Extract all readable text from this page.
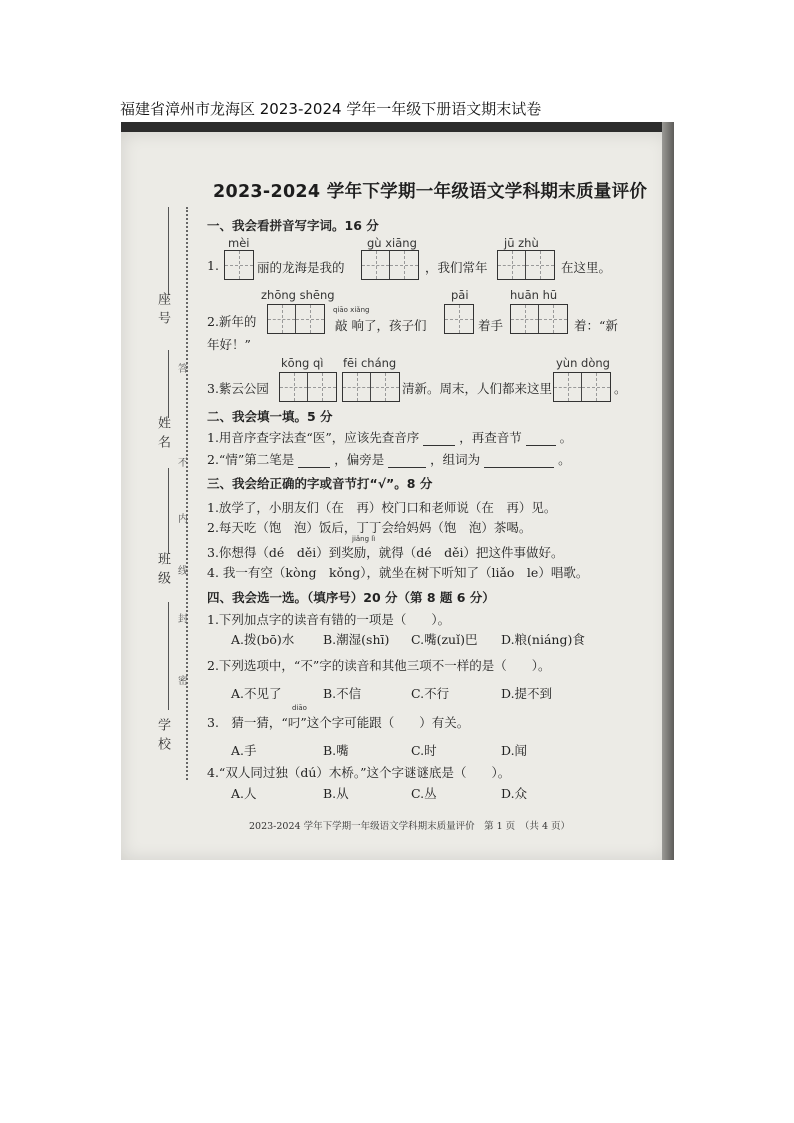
福建省漳州市龙海区 2023-2024 学年一年级下册语文期末试卷
2023-2024 学年下学期一年级语文学科期末质量评价
座号
姓名
班级
学校
答
不
内
线
封
密
一、我会看拼音写字词。16 分
mèi	gù xiāng	jū zhù
1.	丽的龙海是我的	，我们常年	在这里。
zhōng shēng	pāi	huān hū
qiāo xiǎng
2.新年的	敲 响了，孩子们	着手	着：“新
年好！”
kōng qì fēi cháng	yùn dòng
3.紫云公园	清新。周末，人们都来这里	。
二、我会填一填。5 分
1.用音序查字法查“医”，应该先查音序	，再查音节	。
2.“情”第二笔是	，偏旁是	，组词为	。
三、我会给正确的字或音节打“√”。8 分
1.放学了，小朋友们（在　再）校门口和老师说（在　再）见。
2.每天吃（饱　泡）饭后，丁丁会给妈妈（饱　泡）茶喝。
jiǎng lì
3.你想得（dé　děi）到奖励，就得（dé　děi）把这件事做好。
4. 我一有空（kòng　kǒng），就坐在树下听知了（liǎo　le）唱歌。
四、我会选一选。（填序号）20 分（第 8 题 6 分）
1.下列加点字的读音有错的一项是（　　）。
A.拨(bō)水 B.潮湿(shī) C.嘴(zuǐ)巴 D.粮(niáng)食
2.下列选项中，“不”字的读音和其他三项不一样的是（　　）。
A.不见了	B.不信	C.不行	D.提不到
diāo
3.　猜一猜，“叼”这个字可能跟（　　）有关。
A.手	B.嘴	C.时	D.闻
4.“双人同过独（dú）木桥。”这个字谜谜底是（　　）。
A.人	B.从	C.丛	D.众
2023-2024 学年下学期一年级语文学科期末质量评价　第 1 页　（共 4 页）
